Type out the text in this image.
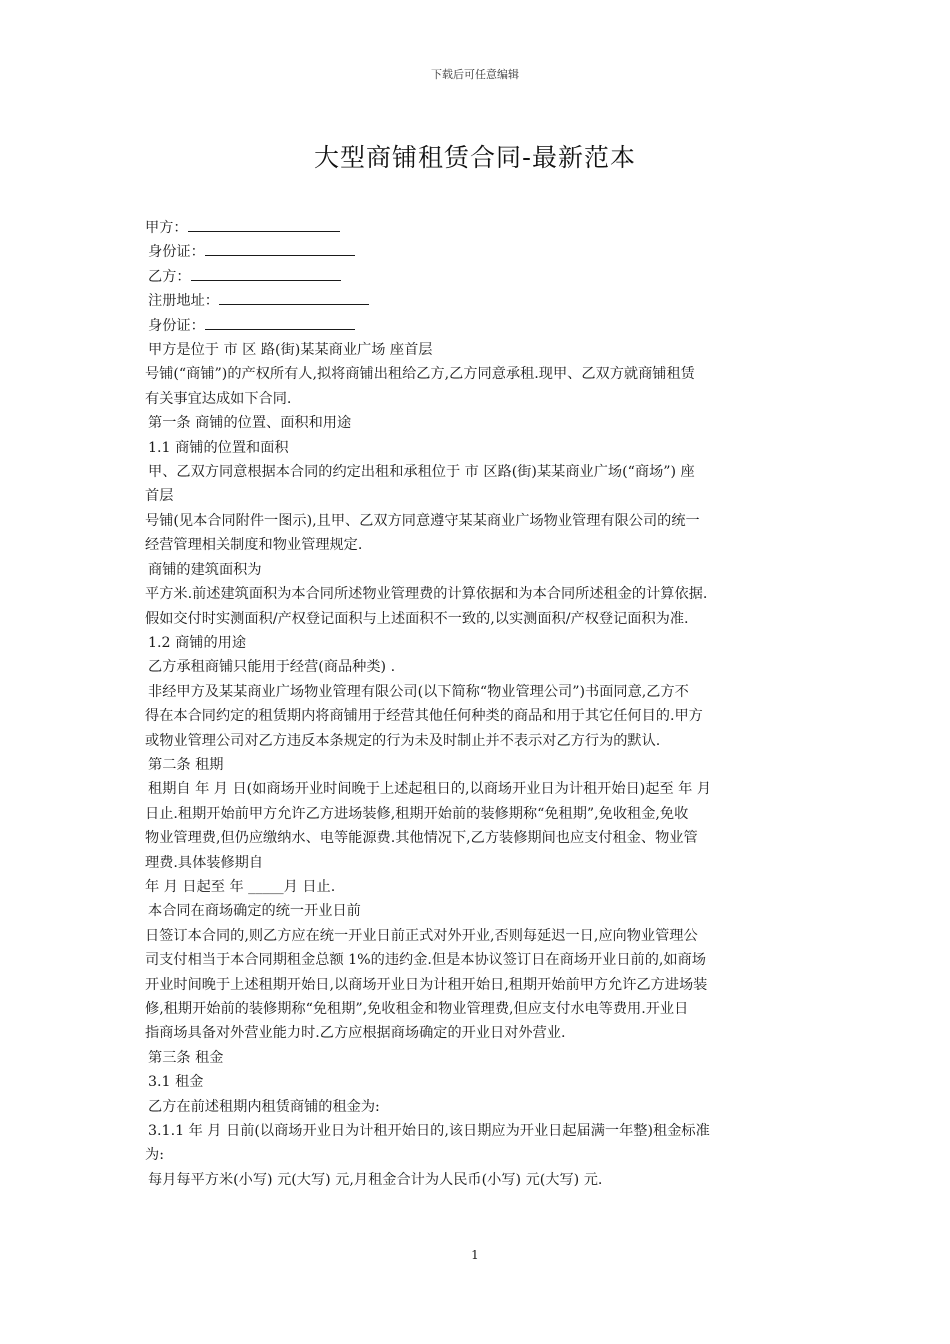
下载后可任意编辑
大型商铺租赁合同-最新范本
甲方：
身份证：
乙方：
注册地址：
身份证：
甲方是位于 市 区 路(街)某某商业广场 座首层
号铺(“商铺”)的产权所有人,拟将商铺出租给乙方,乙方同意承租.现甲、乙双方就商铺租赁
有关事宜达成如下合同.
第一条 商铺的位置、面积和用途
1.1 商铺的位置和面积
甲、乙双方同意根据本合同的约定出租和承租位于 市 区路(街)某某商业广场(“商场”) 座
首层
号铺(见本合同附件一图示),且甲、乙双方同意遵守某某商业广场物业管理有限公司的统一
经营管理相关制度和物业管理规定.
商铺的建筑面积为
平方米.前述建筑面积为本合同所述物业管理费的计算依据和为本合同所述租金的计算依据.
假如交付时实测面积/产权登记面积与上述面积不一致的,以实测面积/产权登记面积为准.
1.2 商铺的用途
乙方承租商铺只能用于经营(商品种类) .
非经甲方及某某商业广场物业管理有限公司(以下简称“物业管理公司”)书面同意,乙方不
得在本合同约定的租赁期内将商铺用于经营其他任何种类的商品和用于其它任何目的.甲方
或物业管理公司对乙方违反本条规定的行为未及时制止并不表示对乙方行为的默认.
第二条 租期
租期自 年 月 日(如商场开业时间晚于上述起租日的,以商场开业日为计租开始日)起至 年 月
日止.租期开始前甲方允许乙方进场装修,租期开始前的装修期称“免租期”,免收租金,免收
物业管理费,但仍应缴纳水、电等能源费.其他情况下,乙方装修期间也应支付租金、物业管
理费.具体装修期自
年 月 日起至 年 _____月 日止.
本合同在商场确定的统一开业日前
日签订本合同的,则乙方应在统一开业日前正式对外开业,否则每延迟一日,应向物业管理公
司支付相当于本合同期租金总额 1%的违约金.但是本协议签订日在商场开业日前的,如商场
开业时间晚于上述租期开始日,以商场开业日为计租开始日,租期开始前甲方允许乙方进场装
修,租期开始前的装修期称“免租期”,免收租金和物业管理费,但应支付水电等费用.开业日
指商场具备对外营业能力时.乙方应根据商场确定的开业日对外营业.
第三条 租金
3.1 租金
乙方在前述租期内租赁商铺的租金为:
3.1.1 年 月 日前(以商场开业日为计租开始日的,该日期应为开业日起届满一年整)租金标准
为:
每月每平方米(小写) 元(大写) 元,月租金合计为人民币(小写) 元(大写) 元.
1
